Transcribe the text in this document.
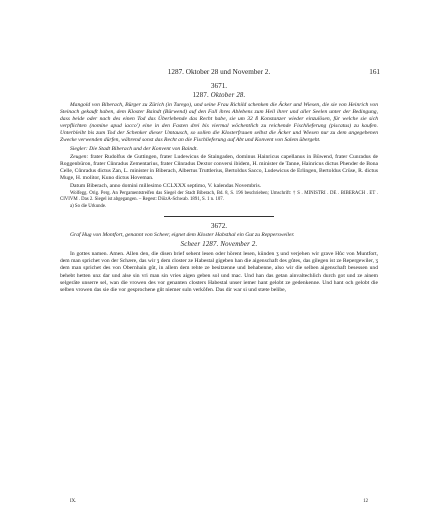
1287. Oktober 28 und November 2.	161
3671.
1287. Oktober 28.

Mangold von Biberach, Bürger zu Zürich (in Turego), und seine Frau Richild schenken die Äcker und Wiesen, die sie von Heinrich von Steinach gekauft haben, dem Kloster Baindt (Bürwend) auf den Fall ihres Ablebens zum Heil ihrer und aller Seelen unter der Bedingung, dass beide oder nach des einen Tod das Überlebende das Recht habe, sie um 32 ß Konstanzer wieder einzulösen, für welche sie sich verpflichten (nomine apud iacco') eine in den Fasten drei bis viermal wöchentlich zu reichende Fischlieferung (piscatus) zu kaufen. Unterbleibt bis zum Tod der Schenker dieser Umtausch, so sollen die Klosterfrauen selbst die Äcker und Wiesen nur zu dem angegebenen Zwecke verwenden dürfen, während sonst das Recht an die Fischlieferung auf Abt und Konvent von Salem übergeht.

Siegler: Die Stadt Biberach und der Konvent von Baindt.

Zeugen: frater Rudolfus de Guttingen, frater Ludewicus de Staingaden, dominus Hainricus capellanus in Büwend, frater Cunradus de Roggenbüron, frater Cůnradus Zementarius, frater Cůnradus Dextor conversi ibidem, H. minister de Tanne, Hainricus dictus Phender de Bona Celle, Cůnradus dictus Zan, L. minister in Biberach, Albertus Truttlerius, Bertoldus Sacco, Ludewicus de Erlingen, Bertoldus Crüse, R. dictus Muge, H. molitor, Kuno dictus Hoveman.

Datum Biberach, anno domini millesimo CCLXXX septimo, V. kalendas Novembris.

Wolfegg. Orig. Perg. An Pergamentstreifen das Siegel der Stadt Biberach, Bd. 8, S. 196 beschrieben; Umschrift: † S . MINISTRI . DE . BIBERACH . ET . CIVIVM . Das 2. Siegel ist abgegangen. – Regest: DiözA-Schwab. 1891, S. 1 n. 107.

a) So die Urkunde.
3672.

Graf Hug von Montfort, genannt von Scheer, eignet dem Kloster Habsthal ein Gut zu Reppersweiler.

Scheer 1287. November 2.

In gottes namen. Amen. Allen den, die disen brief sehent lesen oder hörent lesen, künden ʒ und verjehen wir grave Hůc von Muntfort, dem man sprichet von der Schære, das wir ʒ dem closter ze Habestal gigeben han die aigenschaft des gůtes, das gilegen ist ze Repergewiler, ʒ dem man sprichet des von Obernhain gůt, in allem dem rehte ze besitzenne und behabenne, also wir die selben aigenschaft besessen und behebt hetten unz dar und alse sin vri man sin vries aigen geben sol und mac. Und han das getan ainvaltechlich durch got und ze ainem selgeräte unserre sel, wan die vrowen des vor genanten closters Habestal unser iemer hant gelobt ze gedenkenne. Und hant och gelobt die selben vrowen das sie die vor gesprochene gůt niemer suln verkôfen. Das dir war si und stæte belibe,

IX.	12
